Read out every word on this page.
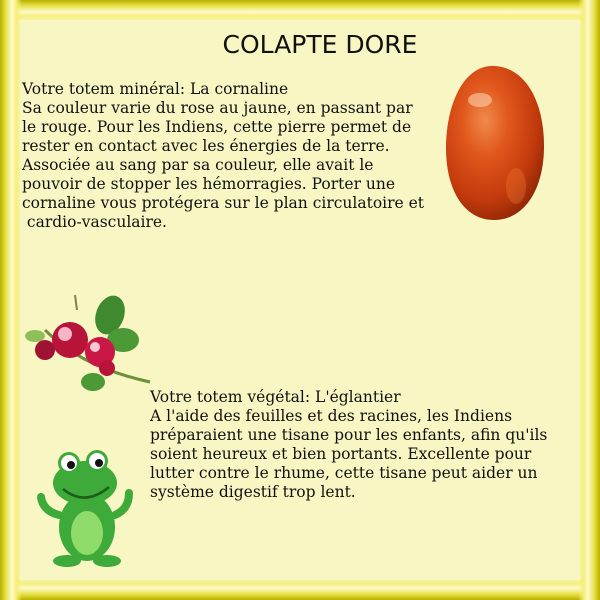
COLAPTE DORE
Votre totem minéral: La cornaline
Sa couleur varie du rose au jaune, en passant par
le rouge. Pour les Indiens, cette pierre permet de
rester en contact avec les énergies de la terre.
Associée au sang par sa couleur, elle avait le
pouvoir de stopper les hémorragies. Porter une
cornaline vous protégera sur le plan circulatoire et
cardio-vasculaire.
Votre totem végétal: L'églantier
A l'aide des feuilles et des racines, les Indiens
préparaient une tisane pour les enfants, afin qu'ils
soient heureux et bien portants. Excellente pour
lutter contre le rhume, cette tisane peut aider un
système digestif trop lent.
